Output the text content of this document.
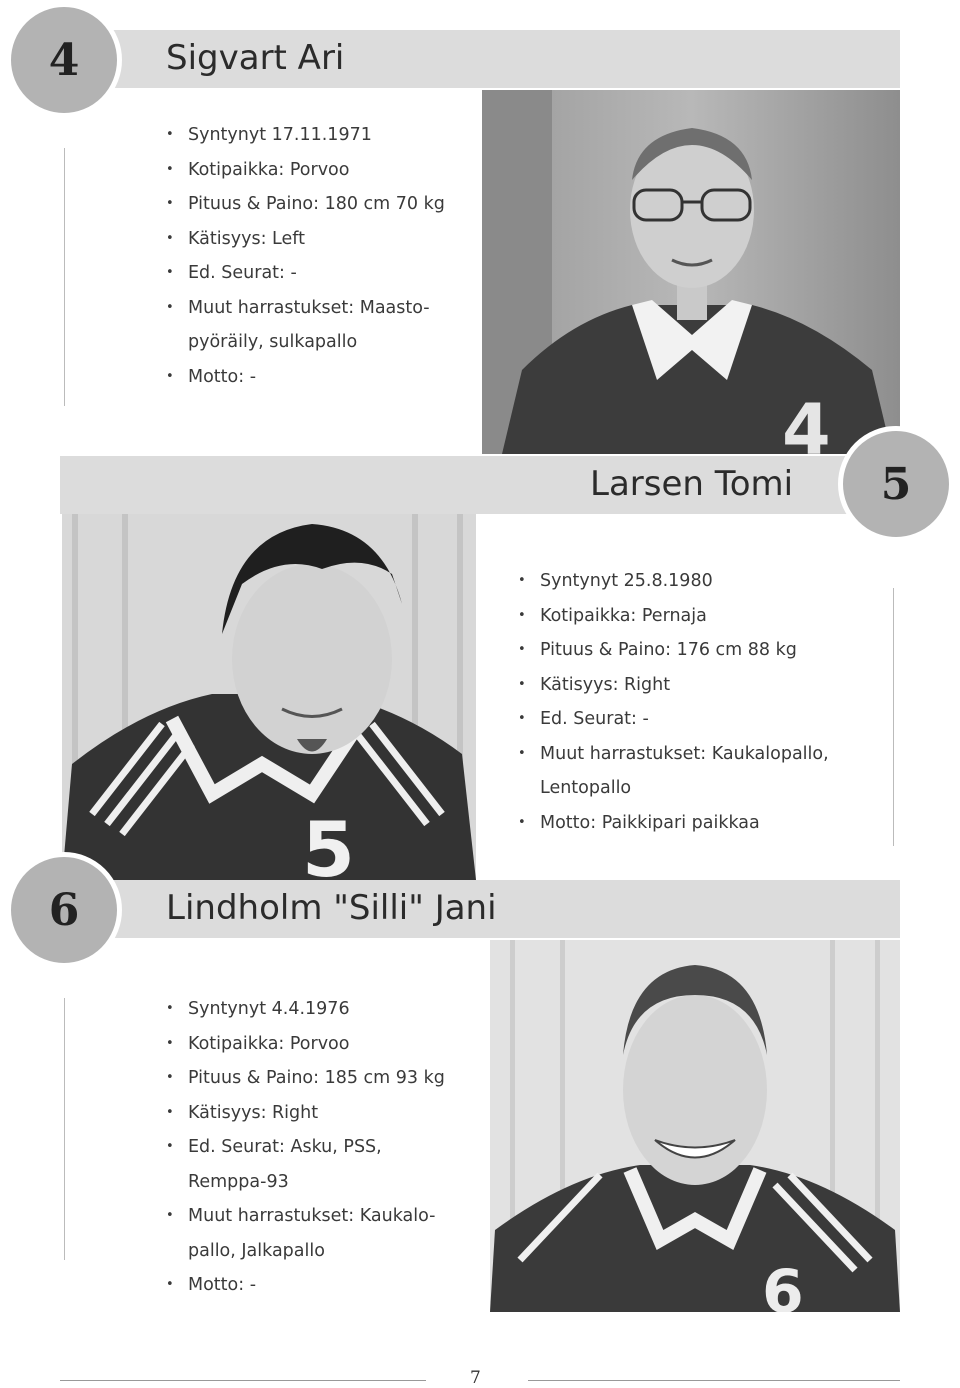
4	Sigvart Ari
• Syntynyt 17.11.1971
• Kotipaikka: Porvoo
• Pituus & Paino: 180 cm 70 kg
• Kätisyys: Left
• Ed. Seurat: -
• Muut harrastukset: Maasto-
pyöräily, sulkapallo
• Motto: -
4
5
Larsen Tomi
5
• Syntynyt 25.8.1980
• Kotipaikka: Pernaja
• Pituus & Paino: 176 cm 88 kg
• Kätisyys: Right
• Ed. Seurat: -
• Muut harrastukset: Kaukalopallo,
Lentopallo
• Motto: Paikkipari paikkaa
6	Lindholm "Silli" Jani
• Syntynyt 4.4.1976
• Kotipaikka: Porvoo
• Pituus & Paino: 185 cm 93 kg
• Kätisyys: Right
• Ed. Seurat: Asku, PSS,
Remppa-93
• Muut harrastukset: Kaukalo-
pallo, Jalkapallo
• Motto: -	6
7
